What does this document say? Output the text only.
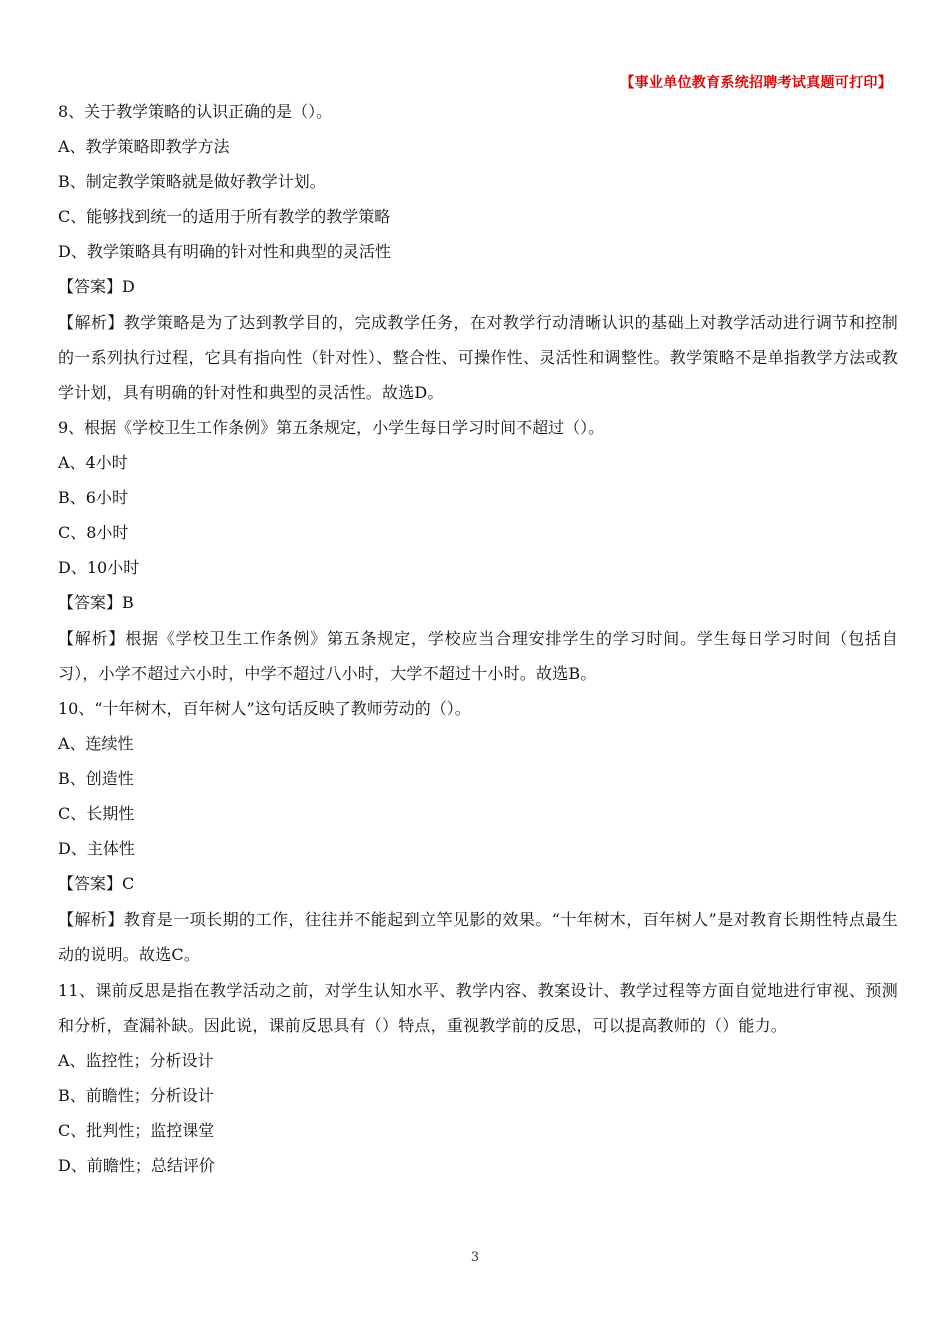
【事业单位教育系统招聘考试真题可打印】
8、关于教学策略的认识正确的是（）。
A、教学策略即教学方法
B、制定教学策略就是做好教学计划。
C、能够找到统一的适用于所有教学的教学策略
D、教学策略具有明确的针对性和典型的灵活性
【答案】D
【解析】教学策略是为了达到教学目的，完成教学任务，在对教学行动清晰认识的基础上对教学活动进行调节和控制的一系列执行过程，它具有指向性（针对性）、整合性、可操作性、灵活性和调整性。教学策略不是单指教学方法或教学计划，具有明确的针对性和典型的灵活性。故选D。
9、根据《学校卫生工作条例》第五条规定，小学生每日学习时间不超过（）。
A、4小时
B、6小时
C、8小时
D、10小时
【答案】B
【解析】根据《学校卫生工作条例》第五条规定，学校应当合理安排学生的学习时间。学生每日学习时间（包括自习），小学不超过六小时，中学不超过八小时，大学不超过十小时。故选B。
10、“十年树木，百年树人”这句话反映了教师劳动的（）。
A、连续性
B、创造性
C、长期性
D、主体性
【答案】C
【解析】教育是一项长期的工作，往往并不能起到立竿见影的效果。“十年树木，百年树人”是对教育长期性特点最生动的说明。故选C。
11、课前反思是指在教学活动之前，对学生认知水平、教学内容、教案设计、教学过程等方面自觉地进行审视、预测和分析，查漏补缺。因此说，课前反思具有（）特点，重视教学前的反思，可以提高教师的（）能力。
A、监控性；分析设计
B、前瞻性；分析设计
C、批判性；监控课堂
D、前瞻性；总结评价
3
